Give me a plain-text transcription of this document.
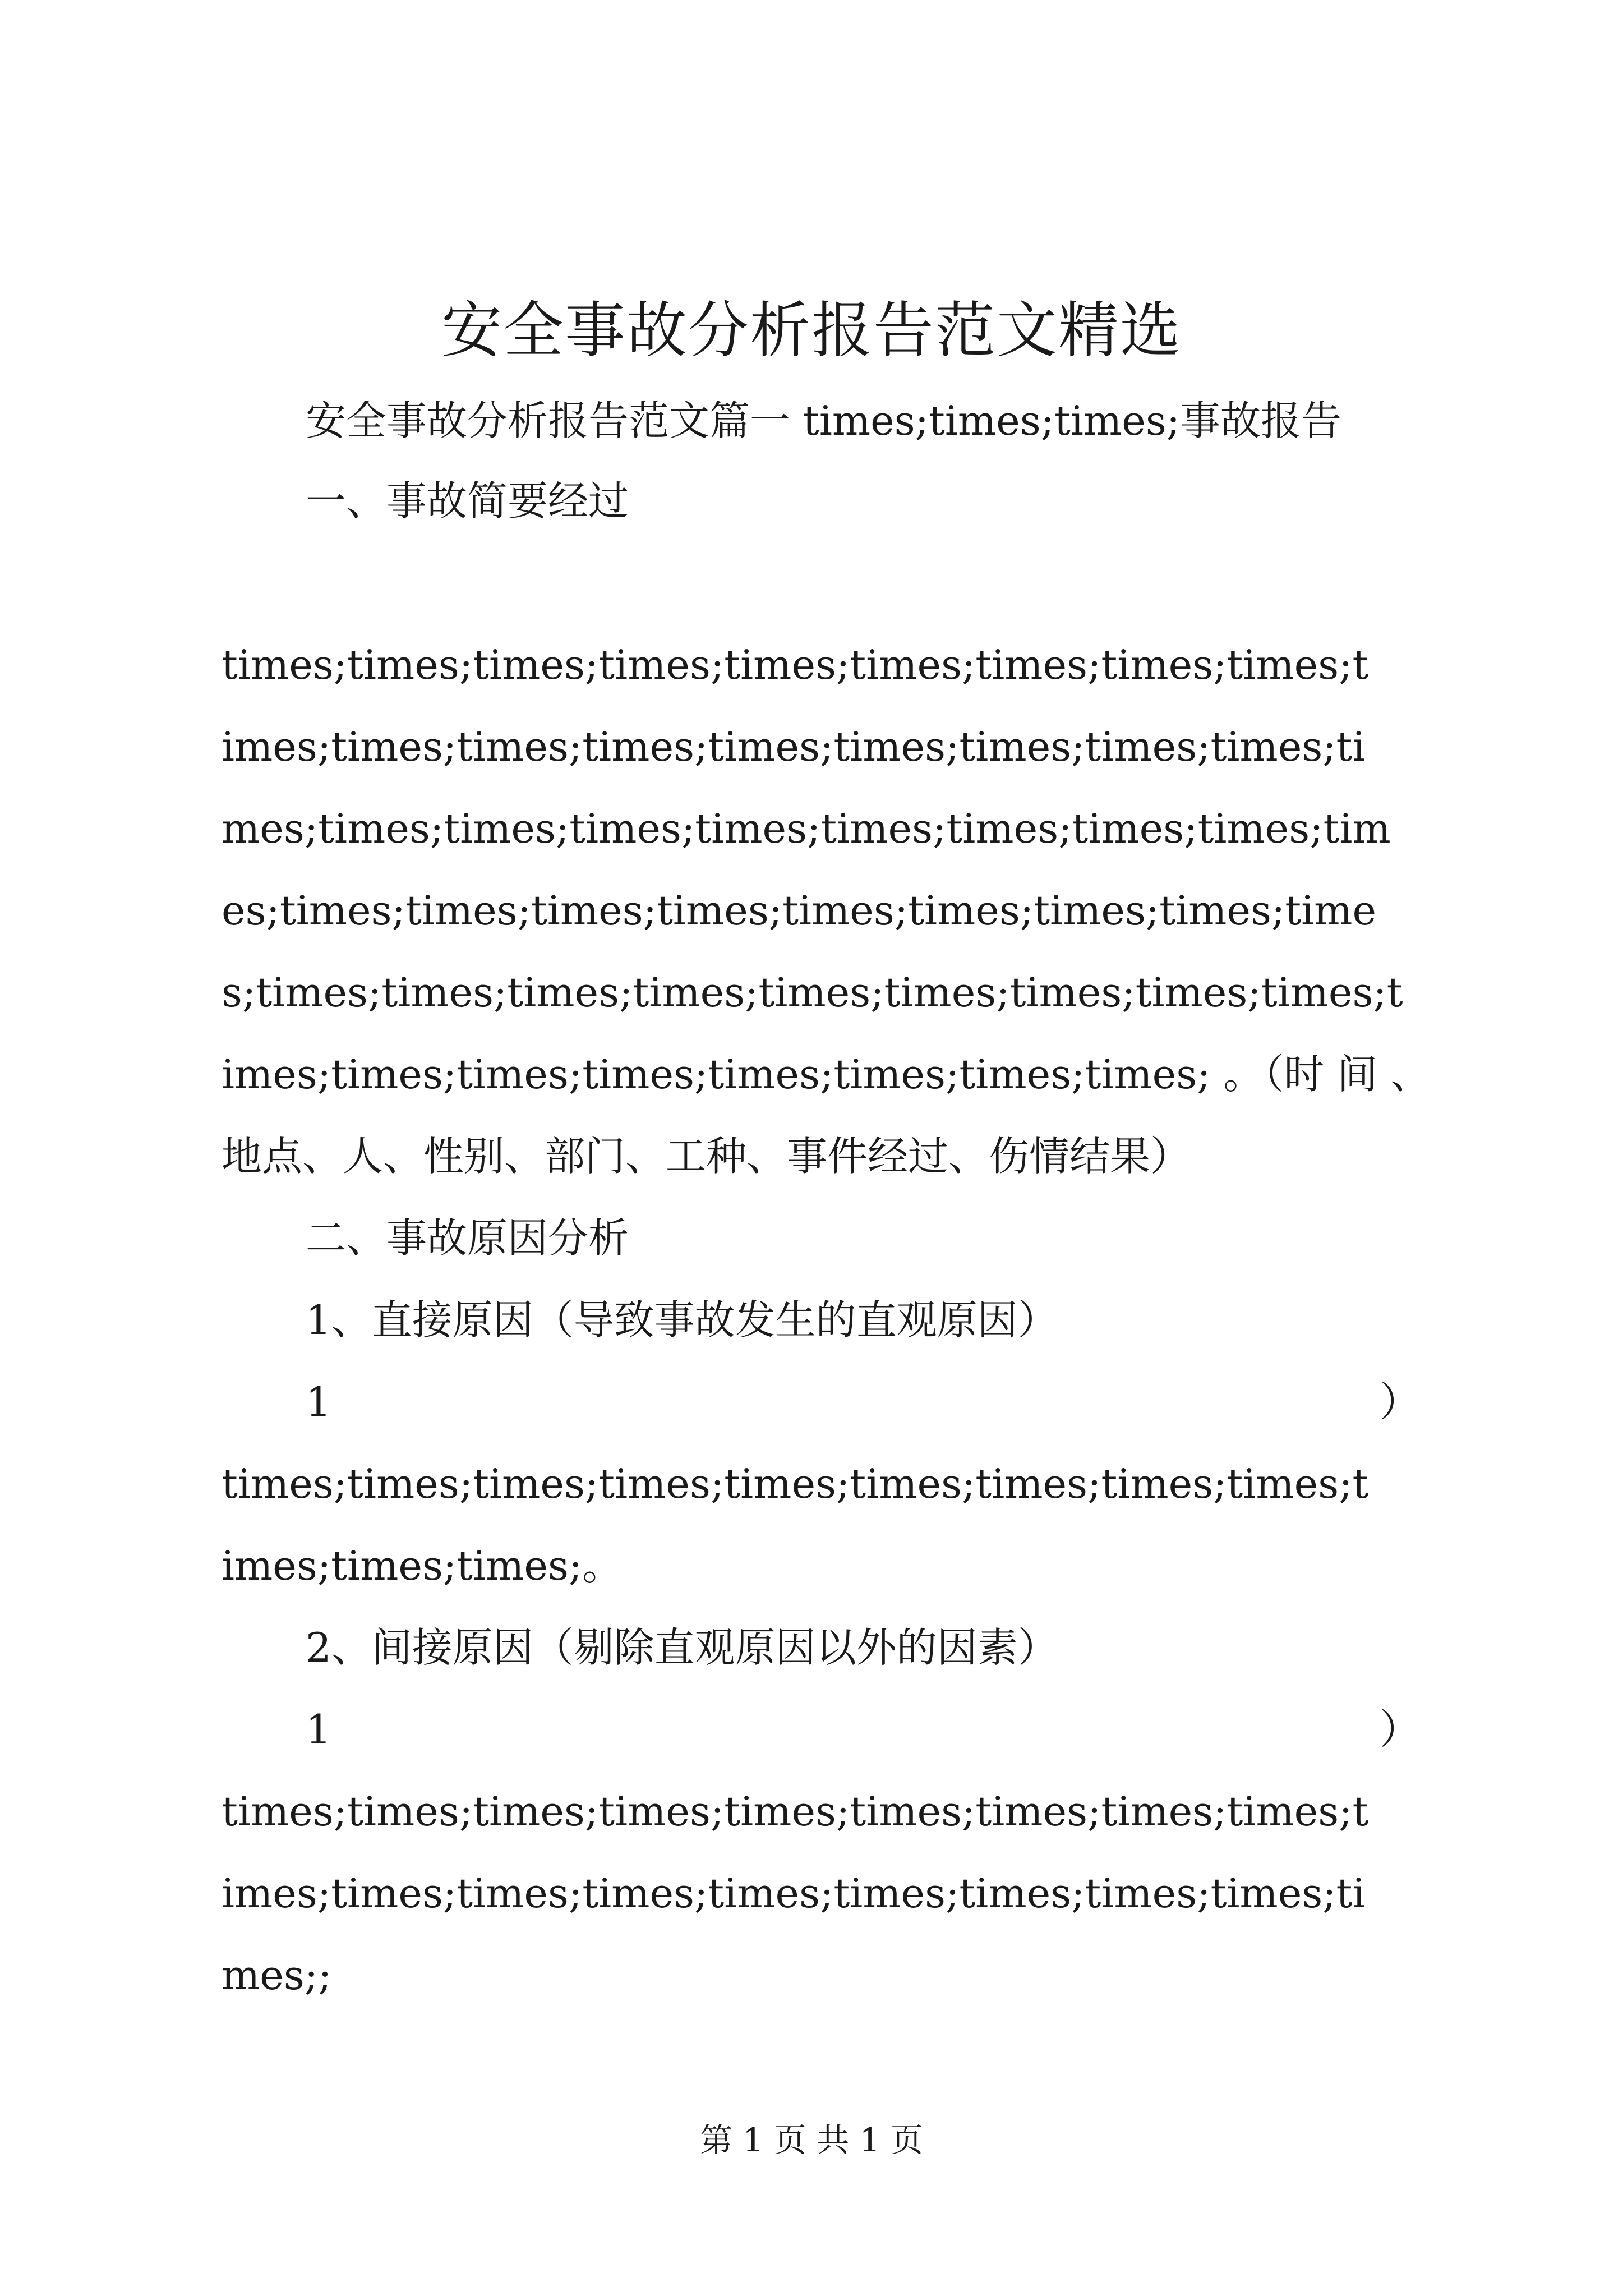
安全事故分析报告范文精选
安全事故分析报告范文篇一 times;times;times;事故报告
一、事故简要经过
times;times;times;times;times;times;times;times;times;t
imes;times;times;times;times;times;times;times;times;ti
mes;times;times;times;times;times;times;times;times;tim
es;times;times;times;times;times;times;times;times;time
s;times;times;times;times;times;times;times;times;times;t
imes;times;times;times;times;times;times;times; 。（时 间 、
地点、人、性别、部门、工种、事件经过、伤情结果）
二、事故原因分析
1、直接原因（导致事故发生的直观原因）
1	）
times;times;times;times;times;times;times;times;times;t
imes;times;times;。
2、间接原因（剔除直观原因以外的因素）
1	）
times;times;times;times;times;times;times;times;times;t
imes;times;times;times;times;times;times;times;times;ti
mes;;
第 1 页 共 1 页
